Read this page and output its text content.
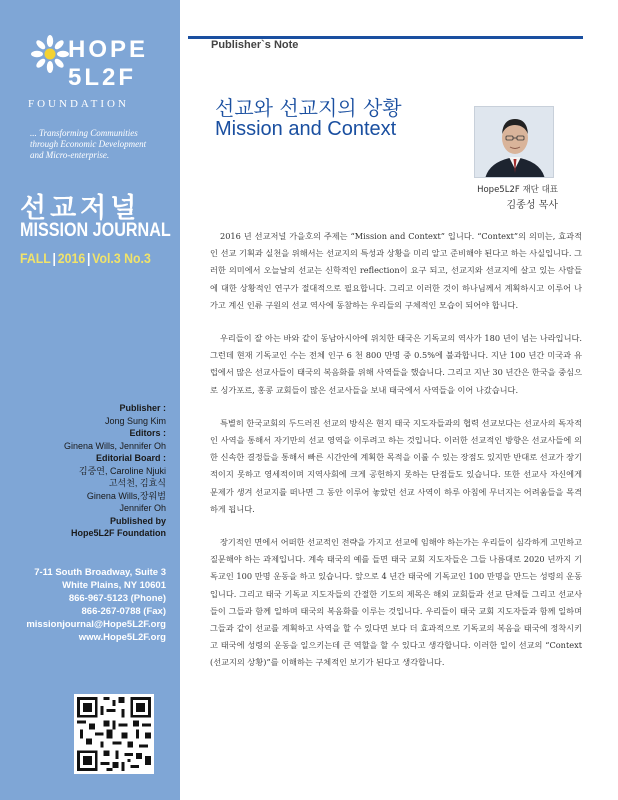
HOPE
5L2F
FOUNDATION
... Transforming Communities
through Economic Development
and Micro-enterprise.
선교저널
MISSION JOURNAL
FALL | 2016 | Vol.3 No.3
Publisher :
Jong Sung Kim
Editors :
Ginena Wills, Jennifer Oh
Editorial Board :
김중연, Caroline Njuki
고석천, 김효식
Ginena Wills,장워범
Jennifer Oh
Published by
Hope5L2F Foundation
7-11 South Broadway, Suite 3
White Plains, NY 10601
866-967-5123 (Phone)
866-267-0788 (Fax)
missionjournal@Hope5L2F.org
www.Hope5L2F.org
Publisher`s Note
선교와 선교지의 상황
Mission and Context
Hope5L2F 재단 대표
김종성 목사

2016 년 선교저널 가을호의 주제는 “Mission and Context” 입니다. “Context”의 의미는, 효과적인 선교 기획과 실천을 위해서는 선교지의 특성과 상황을 미리 알고 준비해야 된다고 하는 사실입니다. 그러한 의미에서 오늘날의 선교는 신학적인 reflection이 요구 되고, 선교지와 선교지에 살고 있는 사람들에 대한 상황적인 연구가 절대적으로 필요합니다. 그리고 이러한 것이 하나님께서 계획하시고 이루어 나가고 계신 인류 구원의 선교 역사에 동참하는 우리들의 구체적인 모습이 되어야 합니다.

우리들이 잘 아는 바와 같이 동남아시아에 위치한 태국은 기독교의 역사가 180 년이 넘는 나라입니다. 그런데 현재 기독교인 수는 전체 인구 6 천 800 만명 중 0.5%에 불과합니다. 지난 100 년간 미국과 유럽에서 많은 선교사들이 태국의 복음화를 위해 사역들을 했습니다. 그리고 지난 30 년간은 한국을 중심으로 싱가포르, 홍콩 교회들이 많은 선교사들을 보내 태국에서 사역들을 이어 나갔습니다.

특별히 한국교회의 두드러진 선교의 방식은 현지 태국 지도자들과의 협력 선교보다는 선교사의 독자적인 사역을 통해서 자기만의 선교 영역을 이루려고 하는 것입니다. 이러한 선교적인 방향은 선교사들에 의한 신속한 결정들을 통해서 빠른 시간안에 계획한 목적을 이룰 수 있는 장점도 있지만 반대로 선교가 장기적이지 못하고 영세적이며 지역사회에 크게 공헌하지 못하는 단점들도 있습니다. 또한 선교사 자신에게 문제가 생겨 선교지를 떠나면 그 동안 이루어 놓았던 선교 사역이 하루 아침에 무너지는 어려움들을 목격하게 됩니다.

장기적인 면에서 어떠한 선교적인 전략을 가지고 선교에 임해야 하는가는 우리들이 심각하게 고민하고 질문해야 하는 과제입니다. 계속 태국의 예를 들면 태국 교회 지도자들은 그들 나름대로 2020 년까지 기독교인 100 만명 운동을 하고 있습니다. 앞으로 4 년간 태국에 기독교인 100 만명을 만드는 성령의 운동입니다. 그리고 태국 기독교 지도자들의 간절한 기도의 제목은 해외 교회들과 선교 단체들 그리고 선교사들이 그들과 함께 일하며 태국의 복음화를 이루는 것입니다. 우리들이 태국 교회 지도자들과 함께 일하며 그들과 같이 선교를 계획하고 사역을 할 수 있다면 보다 더 효과적으로 기독교의 복음을 태국에 정착시키고 태국에 성령의 운동을 일으키는데 큰 역할을 할 수 있다고 생각합니다. 이러한 일이 선교의 “Context (선교지의 상황)”를 이해하는 구체적인 보기가 된다고 생각합니다.
